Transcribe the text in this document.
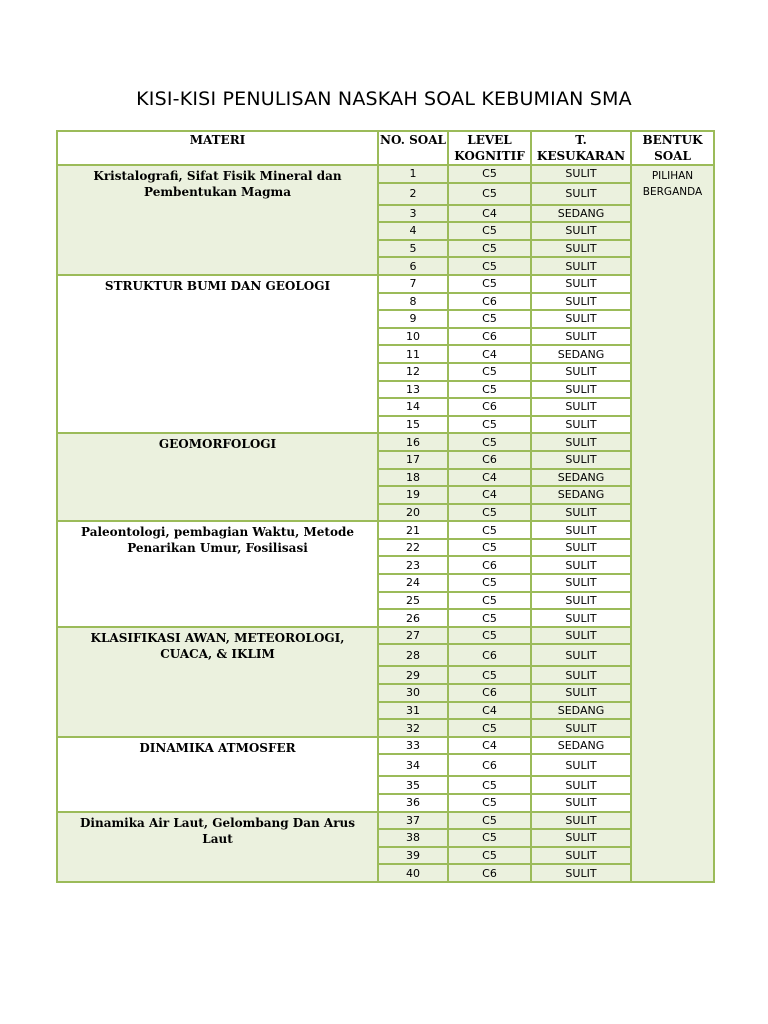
KISI-KISI PENULISAN NASKAH SOAL KEBUMIAN SMA
MATERI	NO. SOAL	LEVEL KOGNITIF	T. KESUKARAN	BENTUK SOAL
Kristalografi, Sifat Fisik Mineral dan Pembentukan Magma	1	C5	SULIT	PILIHAN BERGANDA
	2	C5	SULIT	
	3	C4	SEDANG	
	4	C5	SULIT	
	5	C5	SULIT	
	6	C5	SULIT	
STRUKTUR BUMI DAN GEOLOGI	7	C5	SULIT	
	8	C6	SULIT	
	9	C5	SULIT	
	10	C6	SULIT	
	11	C4	SEDANG	
	12	C5	SULIT	
	13	C5	SULIT	
	14	C6	SULIT	
	15	C5	SULIT	
GEOMORFOLOGI	16	C5	SULIT	
	17	C6	SULIT	
	18	C4	SEDANG	
	19	C4	SEDANG	
	20	C5	SULIT	
Paleontologi, pembagian Waktu, Metode Penarikan Umur, Fosilisasi	21	C5	SULIT	
	22	C5	SULIT	
	23	C6	SULIT	
	24	C5	SULIT	
	25	C5	SULIT	
	26	C5	SULIT	
KLASIFIKASI AWAN, METEOROLOGI, CUACA, & IKLIM	27	C5	SULIT	
	28	C6	SULIT	
	29	C5	SULIT	
	30	C6	SULIT	
	31	C4	SEDANG	
	32	C5	SULIT	
DINAMIKA ATMOSFER	33	C4	SEDANG	
	34	C6	SULIT	
	35	C5	SULIT	
	36	C5	SULIT	
Dinamika Air Laut, Gelombang Dan Arus Laut	37	C5	SULIT	
	38	C5	SULIT	
	39	C5	SULIT	
	40	C6	SULIT	
